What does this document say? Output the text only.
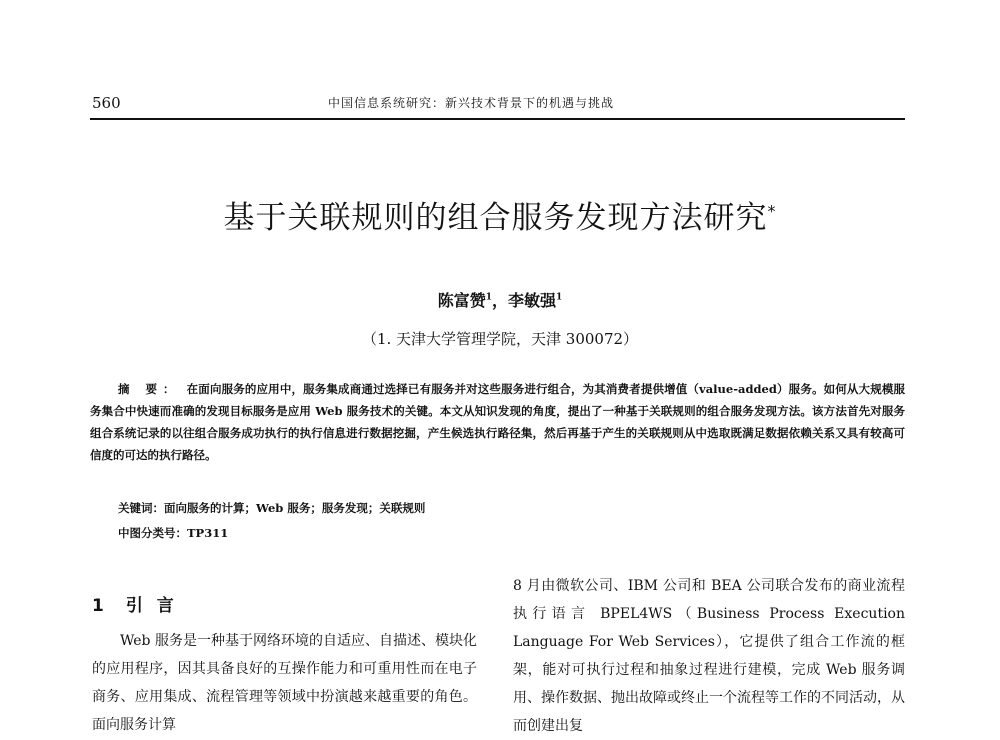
560	中国信息系统研究：新兴技术背景下的机遇与挑战
基于关联规则的组合服务发现方法研究*
陈富赞$^1$，李敏强$^1$
（1. 天津大学管理学院，天津 300072）
摘 要： 在面向服务的应用中，服务集成商通过选择已有服务并对这些服务进行组合，为其消费者提供增值（value-added）服务。如何从大规模服务集合中快速而准确的发现目标服务是应用 Web 服务技术的关键。本文从知识发现的角度，提出了一种基于关联规则的组合服务发现方法。该方法首先对服务组合系统记录的以往组合服务成功执行的执行信息进行数据挖掘，产生候选执行路径集，然后再基于产生的关联规则从中选取既满足数据依赖关系又具有较高可信度的可达的执行路径。
关键词：面向服务的计算；Web 服务；服务发现；关联规则
中图分类号：TP311
1 引 言
Web 服务是一种基于网络环境的自适应、自描述、模块化的应用程序，因其具备良好的互操作能力和可重用性而在电子商务、应用集成、流程管理等领域中扮演越来越重要的角色。面向服务计算
8 月由微软公司、IBM 公司和 BEA 公司联合发布的商业流程执行语言 BPEL4WS（Business Process Execution Language For Web Services），它提供了组合工作流的框架，能对可执行过程和抽象过程进行建模，完成 Web 服务调用、操作数据、抛出故障或终止一个流程等工作的不同活动，从而创建出复
